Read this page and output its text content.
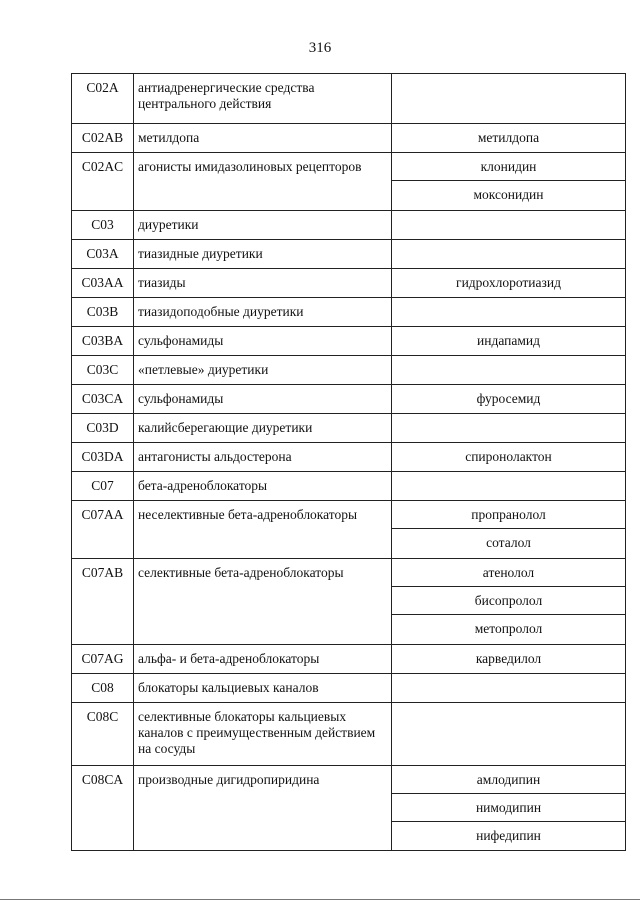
316
C02A	антиадренергические средства центрального действия	

C02AB	метилдопа	метилдопа

C02AC	агонисты имидазолиновых рецепторов	клонидин
моксонидин

C03	диуретики	

C03A	тиазидные диуретики	

C03AA	тиазиды	гидрохлоротиазид

C03B	тиазидоподобные диуретики	

C03BA	сульфонамиды	индапамид

C03C	«петлевые» диуретики	

C03CA	сульфонамиды	фуросемид

C03D	калийсберегающие диуретики	

C03DA	антагонисты альдостерона	спиронолактон

C07	бета-адреноблокаторы	

C07AA	неселективные бета-адреноблокаторы	пропранолол
соталол

C07AB	селективные бета-адреноблокаторы	атенолол
бисопролол
метопролол

C07AG	альфа- и бета-адреноблокаторы	карведилол

C08	блокаторы кальциевых каналов	

C08C	селективные блокаторы кальциевых каналов с преимущественным действием на сосуды	

C08CA	производные дигидропиридина	амлодипин
нимодипин
нифедипин
